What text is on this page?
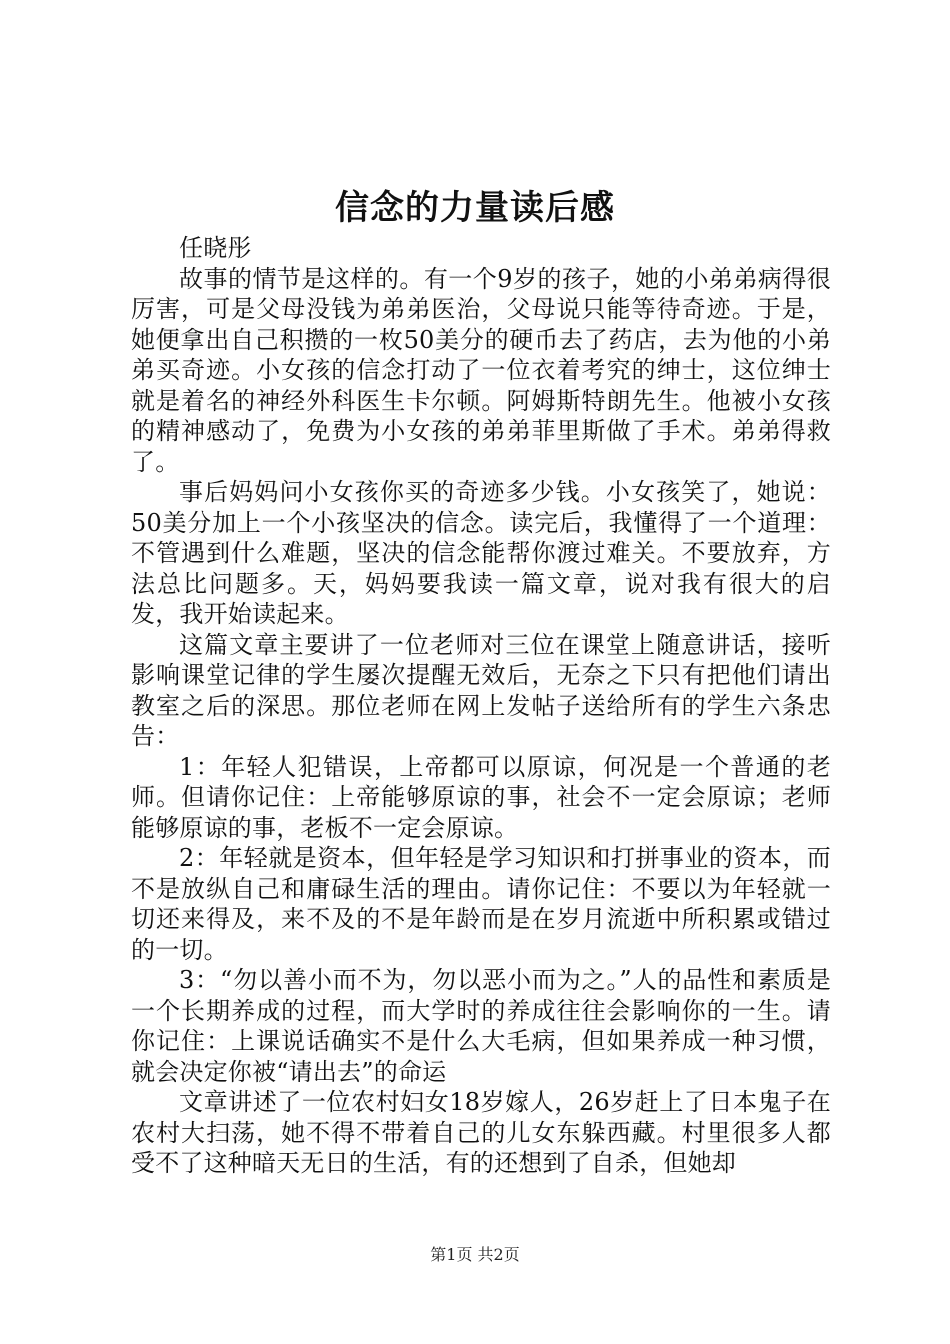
信念的力量读后感

任晓彤

故事的情节是这样的。有一个9岁的孩子，她的小弟弟病得很厉害，可是父母没钱为弟弟医治，父母说只能等待奇迹。于是，她便拿出自己积攒的一枚50美分的硬币去了药店，去为他的小弟弟买奇迹。小女孩的信念打动了一位衣着考究的绅士，这位绅士就是着名的神经外科医生卡尔顿。阿姆斯特朗先生。他被小女孩的精神感动了，免费为小女孩的弟弟菲里斯做了手术。弟弟得救了。

事后妈妈问小女孩你买的奇迹多少钱。小女孩笑了，她说：50美分加上一个小孩坚决的信念。读完后，我懂得了一个道理：不管遇到什么难题，坚决的信念能帮你渡过难关。不要放弃，方法总比问题多。天，妈妈要我读一篇文章，说对我有很大的启发，我开始读起来。

这篇文章主要讲了一位老师对三位在课堂上随意讲话，接听影响课堂记律的学生屡次提醒无效后，无奈之下只有把他们请出教室之后的深思。那位老师在网上发帖子送给所有的学生六条忠告：

1：年轻人犯错误，上帝都可以原谅，何况是一个普通的老师。但请你记住：上帝能够原谅的事，社会不一定会原谅；老师能够原谅的事，老板不一定会原谅。

2：年轻就是资本，但年轻是学习知识和打拼事业的资本，而不是放纵自己和庸碌生活的理由。请你记住：不要以为年轻就一切还来得及，来不及的不是年龄而是在岁月流逝中所积累或错过的一切。

3：“勿以善小而不为，勿以恶小而为之。”人的品性和素质是一个长期养成的过程，而大学时的养成往往会影响你的一生。请你记住：上课说话确实不是什么大毛病，但如果养成一种习惯，就会决定你被“请出去”的命运

文章讲述了一位农村妇女18岁嫁人，26岁赶上了日本鬼子在农村大扫荡，她不得不带着自己的儿女东躲西藏。村里很多人都受不了这种暗天无日的生活，有的还想到了自杀，但她却

第1页 共2页
